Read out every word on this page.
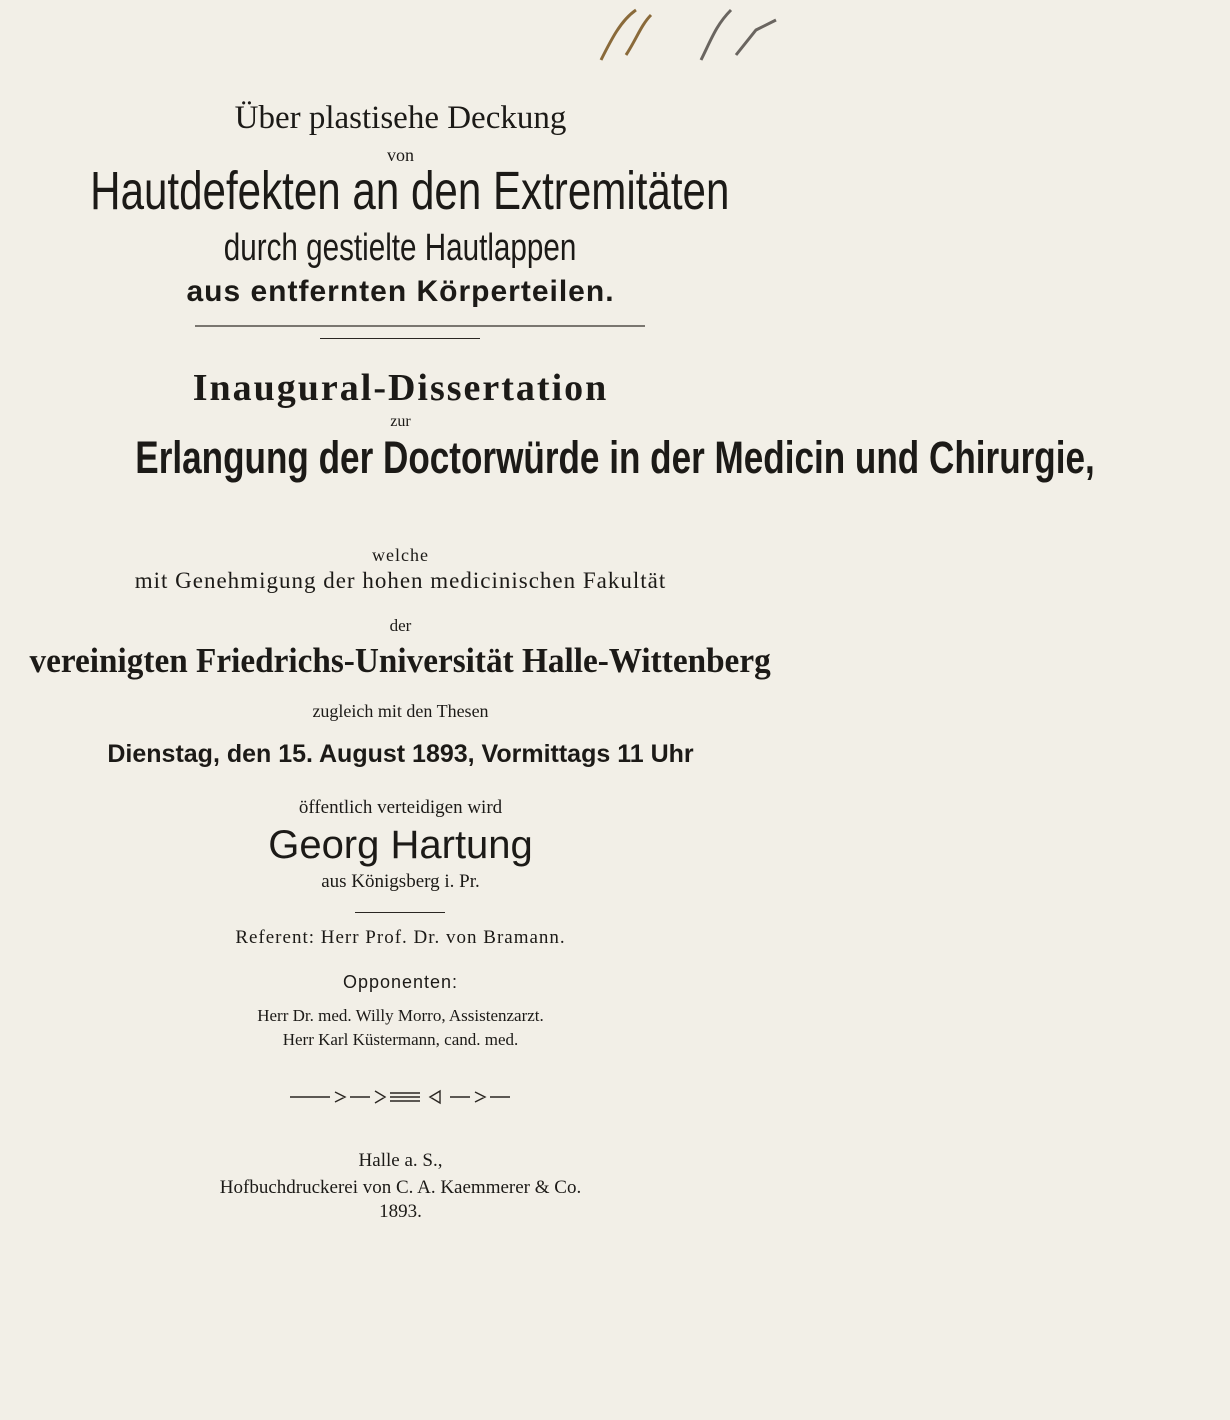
Über plastisehe Deckung
von
Hautdefekten an den Extremitäten
durch gestielte Hautlappen
aus entfernten Körperteilen.
Inaugural-Dissertation
zur
Erlangung der Doctorwürde in der Medicin und Chirurgie,
welche
mit Genehmigung der hohen medicinischen Fakultät
der
vereinigten Friedrichs-Universität Halle-Wittenberg
zugleich mit den Thesen
Dienstag, den 15. August 1893, Vormittags 11 Uhr
öffentlich verteidigen wird
Georg Hartung
aus Königsberg i. Pr.
Referent: Herr Prof. Dr. von Bramann.
Opponenten:
Herr Dr. med. Willy Morro, Assistenzarzt.
Herr Karl Küstermann, cand. med.
Halle a. S.,
Hofbuchdruckerei von C. A. Kaemmerer & Co.
1893.
